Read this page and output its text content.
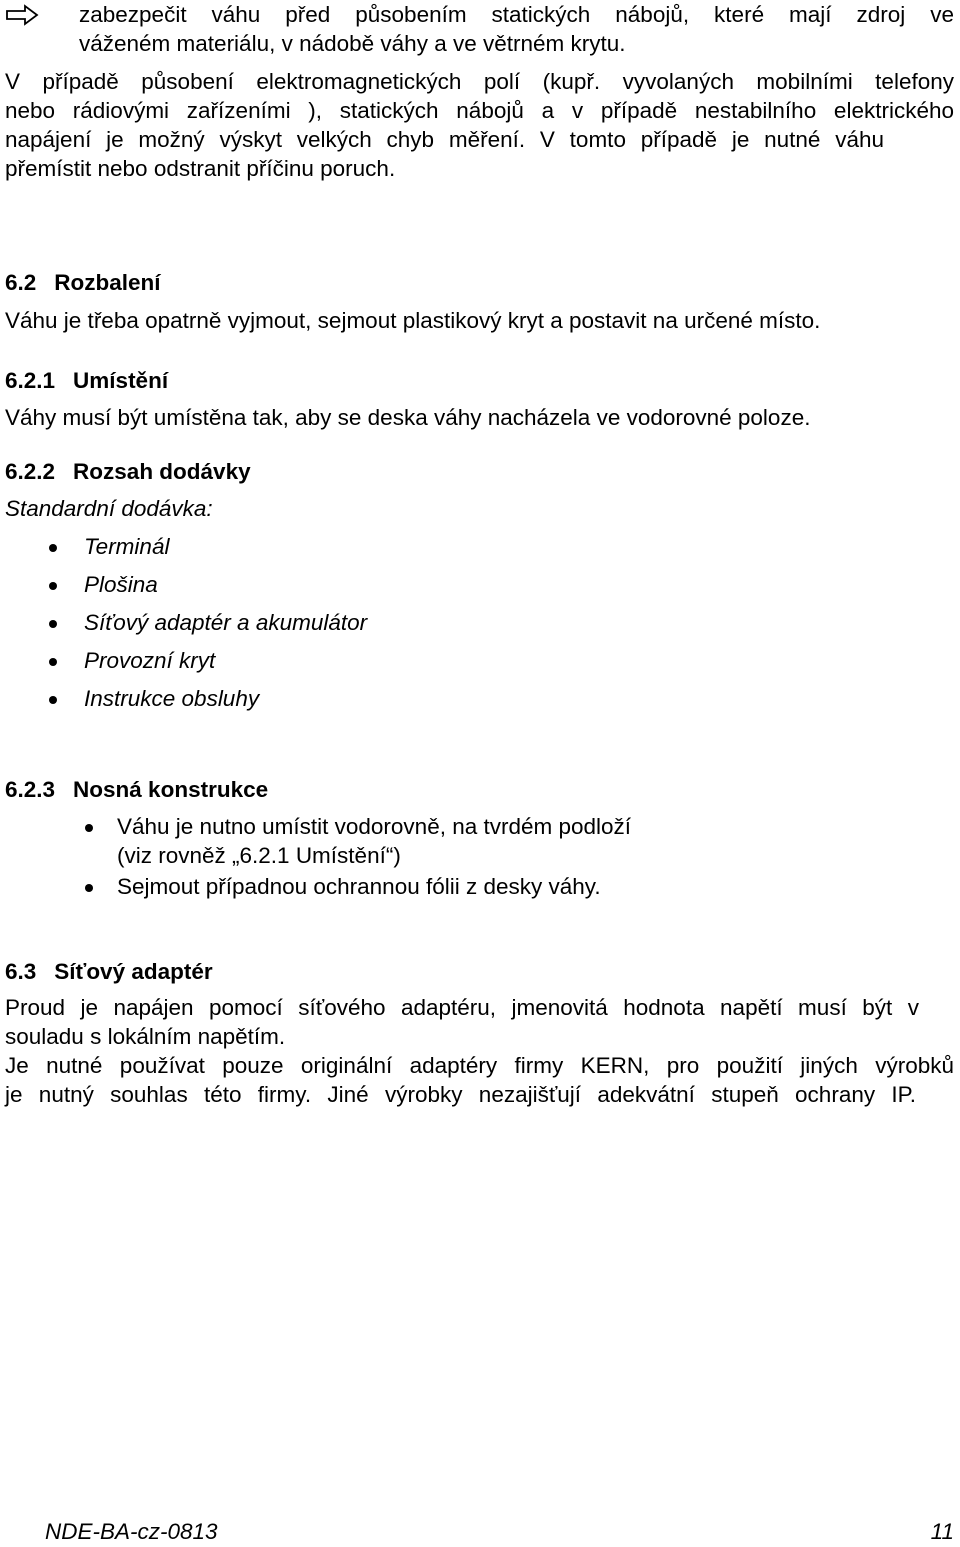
zabezpečit váhu před působením statických nábojů, které mají zdroj ve
váženém materiálu, v nádobě váhy a ve větrném krytu.
V případě působení elektromagnetických polí (kupř. vyvolaných mobilními telefony
nebo rádiovými zařízeními ), statických nábojů a v případě nestabilního elektrického
napájení je možný výskyt velkých chyb měření. V tomto případě je nutné váhu
přemístit nebo odstranit příčinu poruch.
6.2 Rozbalení
Váhu je třeba opatrně vyjmout, sejmout plastikový kryt a postavit na určené místo.
6.2.1 Umístění
Váhy musí být umístěna tak, aby se deska váhy nacházela ve vodorovné poloze.
6.2.2 Rozsah dodávky
Standardní dodávka:
Terminál
Plošina
Síťový adaptér a akumulátor
Provozní kryt
Instrukce obsluhy
6.2.3 Nosná konstrukce
Váhu je nutno umístit vodorovně, na tvrdém podloží
(viz rovněž „6.2.1 Umístění“)
Sejmout případnou ochrannou fólii z desky váhy.
6.3 Síťový adaptér
Proud je napájen pomocí síťového adaptéru, jmenovitá hodnota napětí musí být v
souladu s lokálním napětím.
Je nutné používat pouze originální adaptéry firmy KERN, pro použití jiných výrobků
je nutný souhlas této firmy. Jiné výrobky nezajišťují adekvátní stupeň ochrany IP.
NDE-BA-cz-0813	11
